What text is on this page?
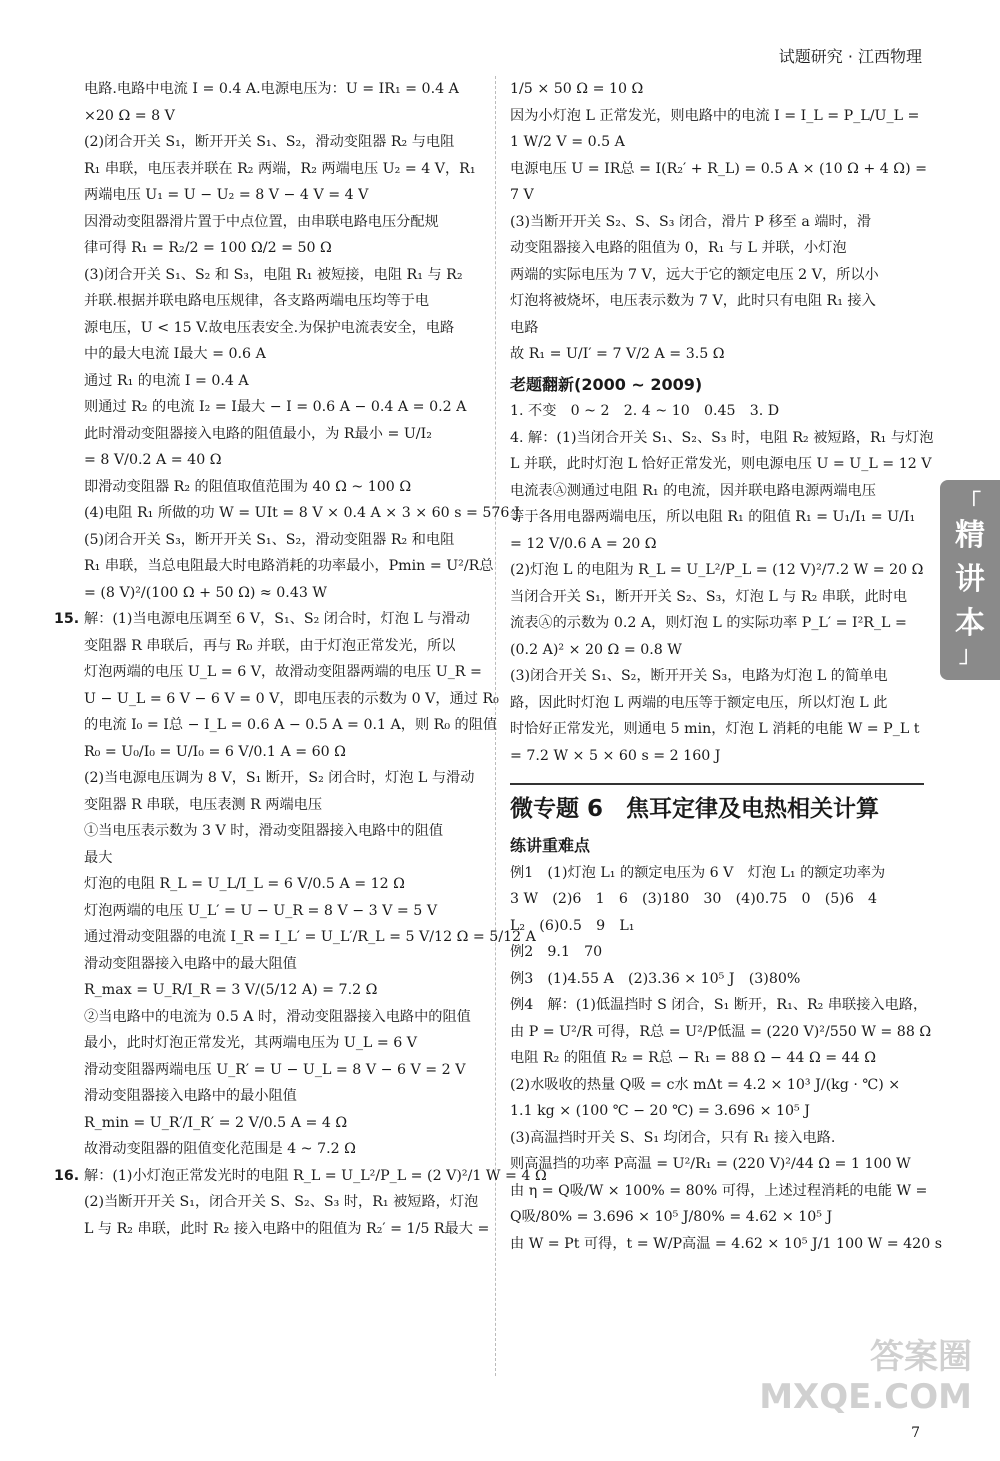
试题研究 · 江西物理
电路.电路中电流 I = 0.4 A.电源电压为：U = IR₁ = 0.4 A
×20 Ω = 8 V
(2)闭合开关 S₁，断开开关 S₁、S₂，滑动变阻器 R₂ 与电阻
R₁ 串联，电压表并联在 R₂ 两端，R₂ 两端电压 U₂ = 4 V，R₁
两端电压 U₁ = U − U₂ = 8 V − 4 V = 4 V
因滑动变阻器滑片置于中点位置，由串联电路电压分配规
律可得 R₁ = R₂/2 = 100 Ω/2 = 50 Ω
(3)闭合开关 S₁、S₂ 和 S₃，电阻 R₁ 被短接，电阻 R₁ 与 R₂
并联.根据并联电路电压规律，各支路两端电压均等于电
源电压，U < 15 V.故电压表安全.为保护电流表安全，电路
中的最大电流 I最大 = 0.6 A
通过 R₁ 的电流 I = 0.4 A
则通过 R₂ 的电流 I₂ = I最大 − I = 0.6 A − 0.4 A = 0.2 A
此时滑动变阻器接入电路的阻值最小，为 R最小 = U/I₂
= 8 V/0.2 A = 40 Ω
即滑动变阻器 R₂ 的阻值取值范围为 40 Ω ~ 100 Ω
(4)电阻 R₁ 所做的功 W = UIt = 8 V × 0.4 A × 3 × 60 s = 576 J
(5)闭合开关 S₃，断开开关 S₁、S₂，滑动变阻器 R₂ 和电阻
R₁ 串联，当总电阻最大时电路消耗的功率最小，Pmin = U²/R总
= (8 V)²/(100 Ω + 50 Ω) ≈ 0.43 W
15. 解：(1)当电源电压调至 6 V，S₁、S₂ 闭合时，灯泡 L 与滑动
变阻器 R 串联后，再与 R₀ 并联，由于灯泡正常发光，所以
灯泡两端的电压 U_L = 6 V，故滑动变阻器两端的电压 U_R =
U − U_L = 6 V − 6 V = 0 V，即电压表的示数为 0 V，通过 R₀
的电流 I₀ = I总 − I_L = 0.6 A − 0.5 A = 0.1 A，则 R₀ 的阻值
R₀ = U₀/I₀ = U/I₀ = 6 V/0.1 A = 60 Ω
(2)当电源电压调为 8 V，S₁ 断开，S₂ 闭合时，灯泡 L 与滑动
变阻器 R 串联，电压表测 R 两端电压
①当电压表示数为 3 V 时，滑动变阻器接入电路中的阻值
最大
灯泡的电阻 R_L = U_L/I_L = 6 V/0.5 A = 12 Ω
灯泡两端的电压 U_L′ = U − U_R = 8 V − 3 V = 5 V
通过滑动变阻器的电流 I_R = I_L′ = U_L′/R_L = 5 V/12 Ω = 5/12 A
滑动变阻器接入电路中的最大阻值
R_max = U_R/I_R = 3 V/(5/12 A) = 7.2 Ω
②当电路中的电流为 0.5 A 时，滑动变阻器接入电路中的阻值
最小，此时灯泡正常发光，其两端电压为 U_L = 6 V
滑动变阻器两端电压 U_R′ = U − U_L = 8 V − 6 V = 2 V
滑动变阻器接入电路中的最小阻值
R_min = U_R′/I_R′ = 2 V/0.5 A = 4 Ω
故滑动变阻器的阻值变化范围是 4 ~ 7.2 Ω
16. 解：(1)小灯泡正常发光时的电阻 R_L = U_L²/P_L = (2 V)²/1 W = 4 Ω
(2)当断开开关 S₁，闭合开关 S、S₂、S₃ 时，R₁ 被短路，灯泡
L 与 R₂ 串联，此时 R₂ 接入电路中的阻值为 R₂′ = 1/5 R最大 =
1/5 × 50 Ω = 10 Ω
因为小灯泡 L 正常发光，则电路中的电流 I = I_L = P_L/U_L =
1 W/2 V = 0.5 A
电源电压 U = IR总 = I(R₂′ + R_L) = 0.5 A × (10 Ω + 4 Ω) =
7 V
(3)当断开开关 S₂、S、S₃ 闭合，滑片 P 移至 a 端时，滑
动变阻器接入电路的阻值为 0，R₁ 与 L 并联，小灯泡
两端的实际电压为 7 V，远大于它的额定电压 2 V，所以小
灯泡将被烧坏，电压表示数为 7 V，此时只有电阻 R₁ 接入
电路
故 R₁ = U/I′ = 7 V/2 A = 3.5 Ω
老题翻新(2000 ~ 2009)
1. 不变　0 ~ 2　2. 4 ~ 10　0.45　3. D
4. 解：(1)当闭合开关 S₁、S₂、S₃ 时，电阻 R₂ 被短路，R₁ 与灯泡
L 并联，此时灯泡 L 恰好正常发光，则电源电压 U = U_L = 12 V
电流表Ⓐ测通过电阻 R₁ 的电流，因并联电路电源两端电压
等于各用电器两端电压，所以电阻 R₁ 的阻值 R₁ = U₁/I₁ = U/I₁
= 12 V/0.6 A = 20 Ω
(2)灯泡 L 的电阻为 R_L = U_L²/P_L = (12 V)²/7.2 W = 20 Ω
当闭合开关 S₁，断开开关 S₂、S₃，灯泡 L 与 R₂ 串联，此时电
流表Ⓐ的示数为 0.2 A，则灯泡 L 的实际功率 P_L′ = I²R_L =
(0.2 A)² × 20 Ω = 0.8 W
(3)闭合开关 S₁、S₂，断开开关 S₃，电路为灯泡 L 的简单电
路，因此时灯泡 L 两端的电压等于额定电压，所以灯泡 L 此
时恰好正常发光，则通电 5 min，灯泡 L 消耗的电能 W = P_L t
= 7.2 W × 5 × 60 s = 2 160 J
微专题 6　焦耳定律及电热相关计算
练讲重难点
例1　(1)灯泡 L₁ 的额定电压为 6 V　灯泡 L₁ 的额定功率为
3 W　(2)6　1　6　(3)180　30　(4)0.75　0　(5)6　4
L₂　(6)0.5　9　L₁
例2　9.1　70
例3　(1)4.55 A　(2)3.36 × 10⁵ J　(3)80%
例4　解：(1)低温挡时 S 闭合，S₁ 断开，R₁、R₂ 串联接入电路，
由 P = U²/R 可得，R总 = U²/P低温 = (220 V)²/550 W = 88 Ω
电阻 R₂ 的阻值 R₂ = R总 − R₁ = 88 Ω − 44 Ω = 44 Ω
(2)水吸收的热量 Q吸 = c水 mΔt = 4.2 × 10³ J/(kg · ℃) ×
1.1 kg × (100 ℃ − 20 ℃) = 3.696 × 10⁵ J
(3)高温挡时开关 S、S₁ 均闭合，只有 R₁ 接入电路.
则高温挡的功率 P高温 = U²/R₁ = (220 V)²/44 Ω = 1 100 W
由 η = Q吸/W × 100% = 80% 可得，上述过程消耗的电能 W =
Q吸/80% = 3.696 × 10⁵ J/80% = 4.62 × 10⁵ J
由 W = Pt 可得，t = W/P高温 = 4.62 × 10⁵ J/1 100 W = 420 s
「
精
讲
本
」
答案圈
MXQE.COM
7
